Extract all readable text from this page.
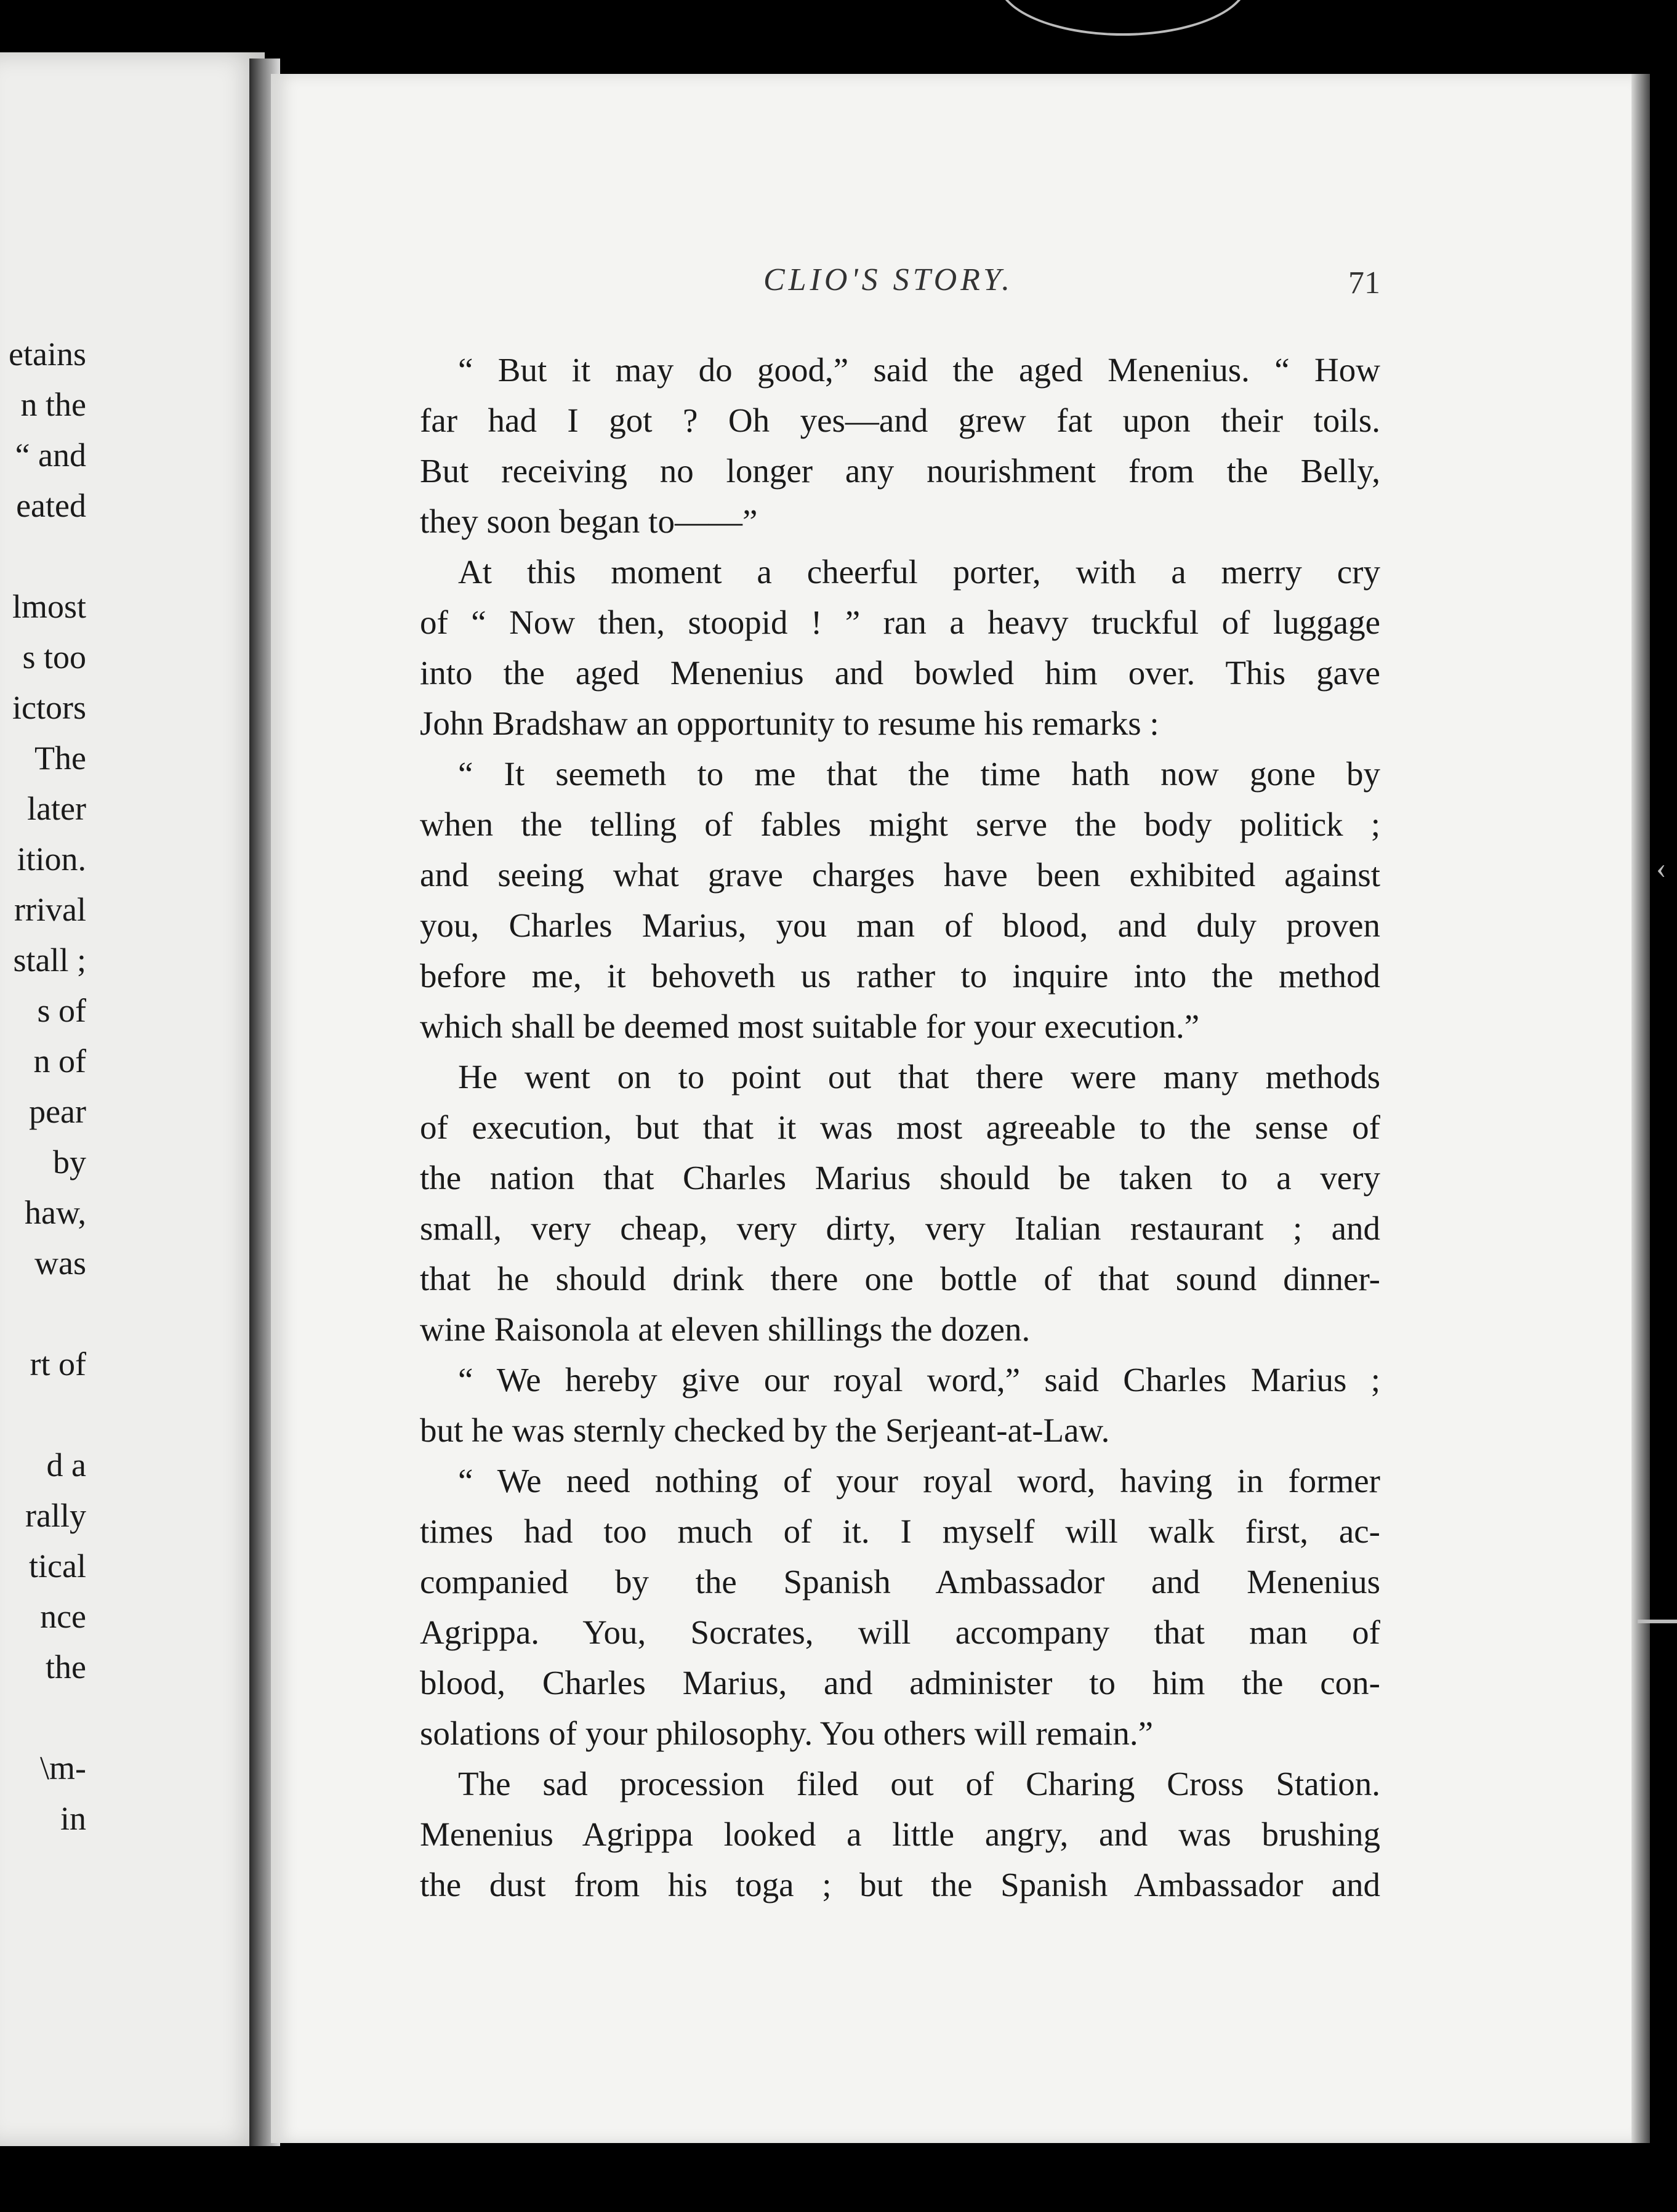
etains
n the
“ and
eated
lmost
s too
ictors
The
later
ition.
rrival
stall ;
s of
n of
pear
by
haw,
was
rt of
d a
rally
tical
nce
the
\m-
in
CLIO'S STORY.	71
“ But it may do good,” said the aged Menenius. “ How
far had I got ? Oh yes—and grew fat upon their toils.
But receiving no longer any nourishment from the Belly,
they soon began to——”
At this moment a cheerful porter, with a merry cry
of “ Now then, stoopid ! ” ran a heavy truckful of luggage
into the aged Menenius and bowled him over. This gave
John Bradshaw an opportunity to resume his remarks :
“ It seemeth to me that the time hath now gone by
when the telling of fables might serve the body politick ;
and seeing what grave charges have been exhibited against
you, Charles Marius, you man of blood, and duly proven
before me, it behoveth us rather to inquire into the method
which shall be deemed most suitable for your execution.”
He went on to point out that there were many methods
of execution, but that it was most agreeable to the sense of
the nation that Charles Marius should be taken to a very
small, very cheap, very dirty, very Italian restaurant ; and
that he should drink there one bottle of that sound dinner-
wine Raisonola at eleven shillings the dozen.
“ We hereby give our royal word,” said Charles Marius ;
but he was sternly checked by the Serjeant-at-Law.
“ We need nothing of your royal word, having in former
times had too much of it. I myself will walk first, ac-
companied by the Spanish Ambassador and Menenius
Agrippa. You, Socrates, will accompany that man of
blood, Charles Marius, and administer to him the con-
solations of your philosophy. You others will remain.”
The sad procession filed out of Charing Cross Station.
Menenius Agrippa looked a little angry, and was brushing
the dust from his toga ; but the Spanish Ambassador and
‹
